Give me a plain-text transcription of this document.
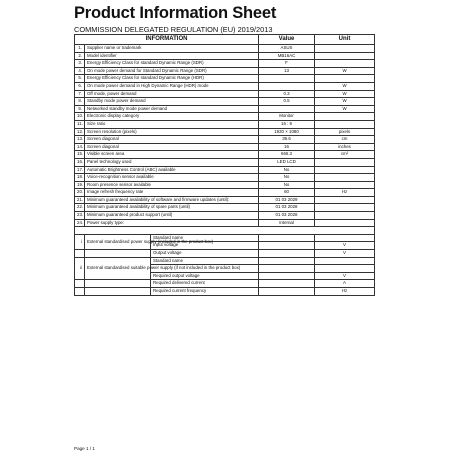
Product Information Sheet
COMMISSION DELEGATED REGULATION (EU) 2019/2013
INFORMATION			Value	Unit
1.	Supplier name or trademark		ASUS	
2.	Model identifier		MB16AC	
3.	Energy Efficiency Class for standard Dynamic Range (SDR)		F	
4.	On mode power demand for Standard Dynamic Range (SDR)		13	W
5.	Energy Efficiency Class for standard Dynamic Range (HDR)			
6.	On mode power demand in High Dynamic Range (HDR) mode			W
7.	Off mode, power demand		0.3	W
8.	Standby mode power demand		0.5	W
9.	Networked standby mode power demand			W
10.	Electronic display category		Monitor	
11.	Size ratio		16 : 9	
12.	Screen resolution (pixels)		1920 × 1080	pixels
13.	Screen diagonal		39.6	cm
14.	Screen diagonal		16	inches
15.	Visible screen area		666.3	cm²
16.	Panel technology used		LED LCD	
17.	Automatic Brightness Control (ABC) available		No	
18.	Voice-recognition sensor available		No	
19.	Room presence sensor available		No	
20.	Image refresh frequency rate		60	Hz
21.	Minimum guaranteed availability of software and firmware updates (until):		01 03 2029	
22.	Minimum guaranteed availability of spare parts (until)		01 03 2028	
23.	Minimum guaranteed product support (until)		01 03 2028	
24.	Power supply type:		Internal	

i	External standardised power supply (included in the product box)	Standard name		
		Input voltage		V
		Output voltage		V
ii	External standardised suitable power supply (if not included in the product box)	Standard name		

		Required output voltage		V
		Required delivered current		A
		Required current frequency		Hz
Page 1 / 1
